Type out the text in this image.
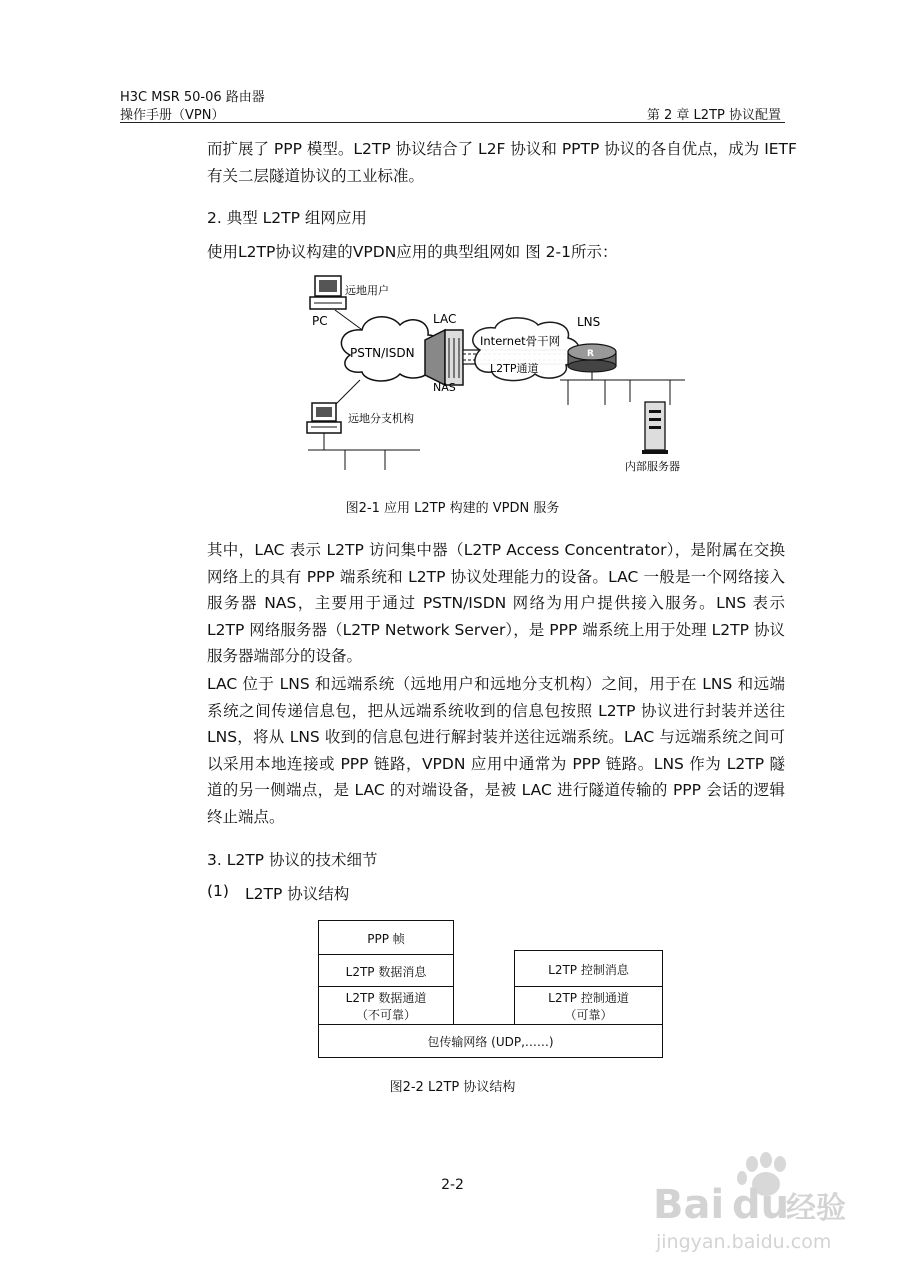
H3C MSR 50-06 路由器
操作手册（VPN）	第 2 章 L2TP 协议配置
而扩展了 PPP 模型。L2TP 协议结合了 L2F 协议和 PPTP 协议的各自优点，成为 IETF
有关二层隧道协议的工业标准。
2. 典型 L2TP 组网应用
使用L2TP协议构建的VPDN应用的典型组网如 图 2-1所示：
远地用户
PC
PSTN/ISDN
LAC
NAS
Internet骨干网
L2TP通道
R
LNS
内部服务器
远地分支机构
图2-1 应用 L2TP 构建的 VPDN 服务
其中，LAC 表示 L2TP 访问集中器（L2TP Access Concentrator），是附属在交换网络上的具有 PPP 端系统和 L2TP 协议处理能力的设备。LAC 一般是一个网络接入服务器 NAS，主要用于通过 PSTN/ISDN 网络为用户提供接入服务。LNS 表示 L2TP 网络服务器（L2TP Network Server），是 PPP 端系统上用于处理 L2TP 协议服务器端部分的设备。
LAC 位于 LNS 和远端系统（远地用户和远地分支机构）之间，用于在 LNS 和远端系统之间传递信息包，把从远端系统收到的信息包按照 L2TP 协议进行封装并送往 LNS，将从 LNS 收到的信息包进行解封装并送往远端系统。LAC 与远端系统之间可以采用本地连接或 PPP 链路，VPDN 应用中通常为 PPP 链路。LNS 作为 L2TP 隧道的另一侧端点，是 LAC 的对端设备，是被 LAC 进行隧道传输的 PPP 会话的逻辑终止端点。
3. L2TP 协议的技术细节
(1) L2TP 协议结构
PPP 帧
L2TP 数据消息
L2TP 数据通道
（不可靠）
L2TP 控制消息
L2TP 控制通道
（可靠）
包传输网络 (UDP,……)
图2-2 L2TP 协议结构
2-2	Bai du
经验
jingyan.baidu.com
